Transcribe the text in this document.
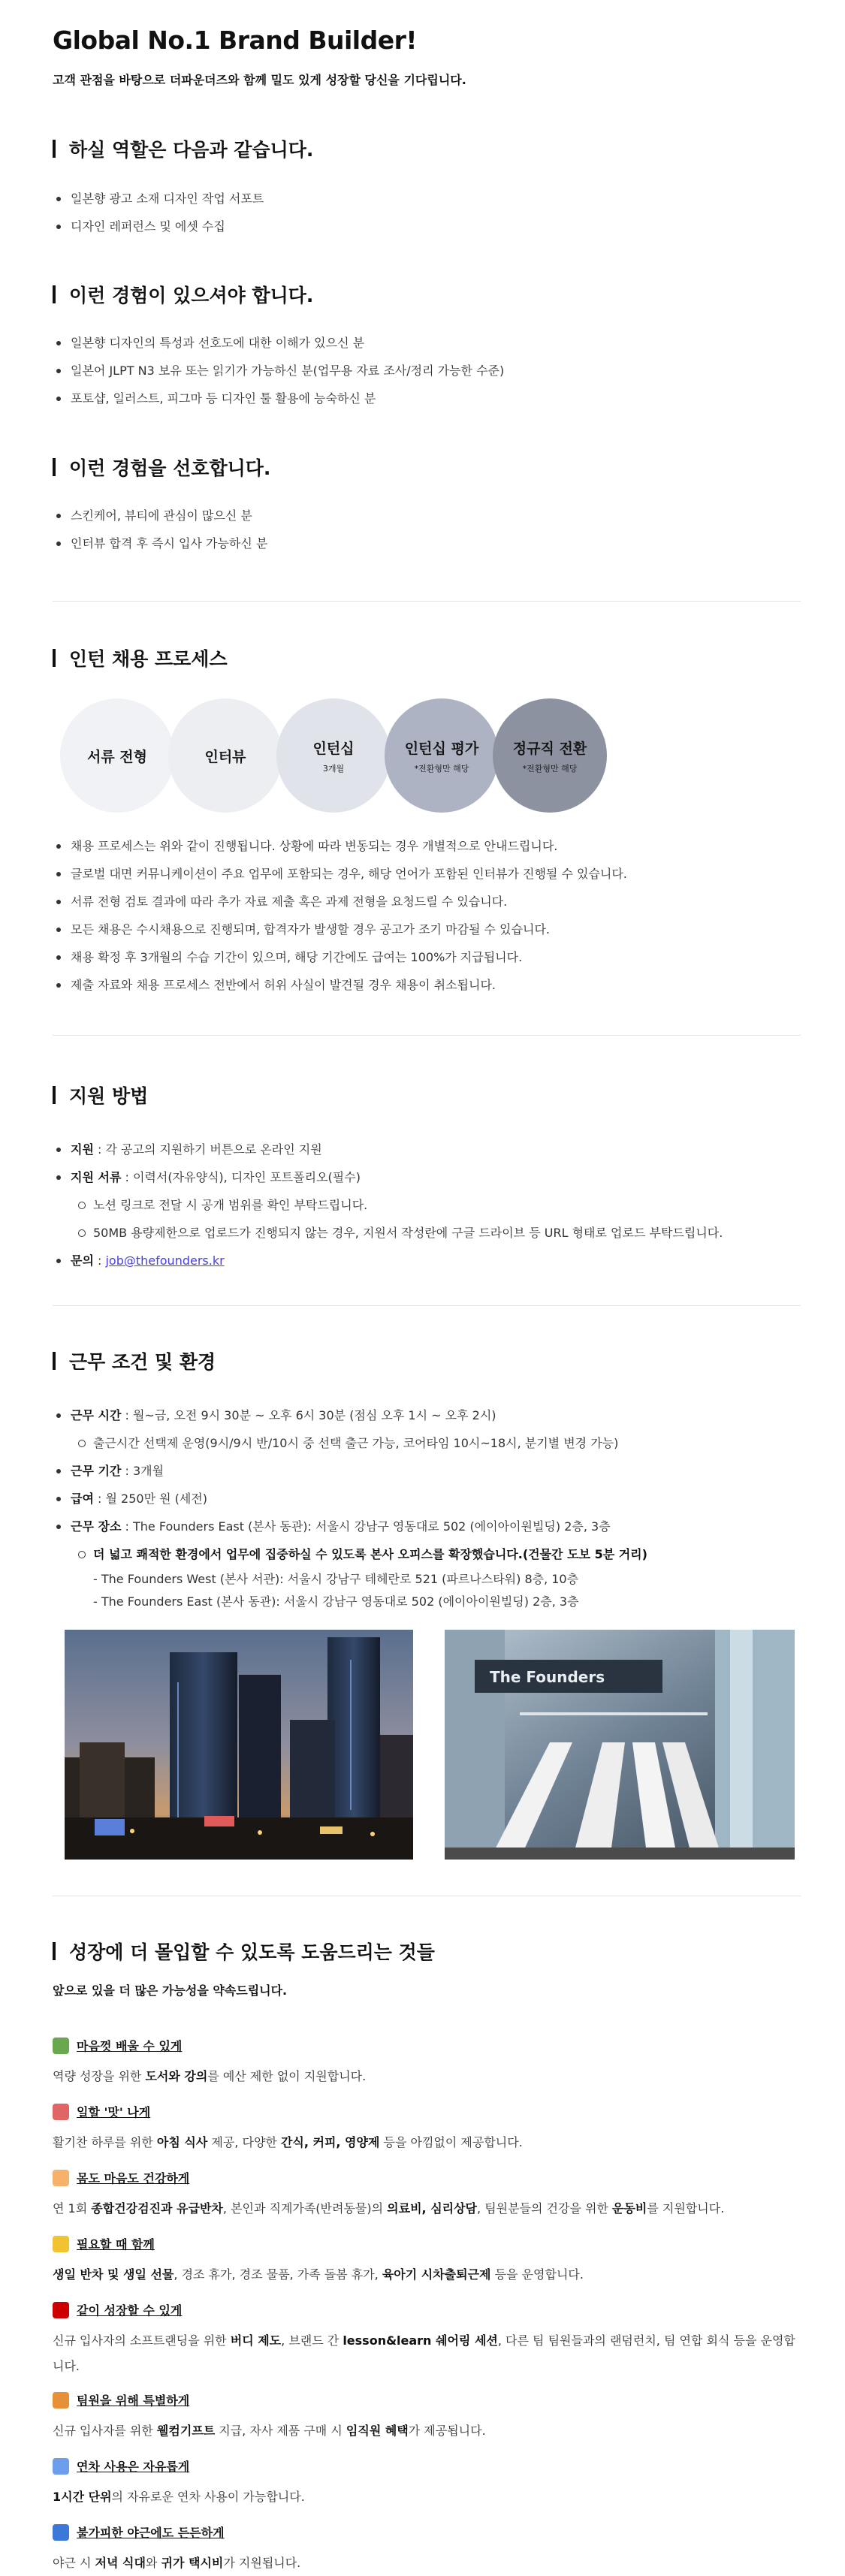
Global No.1 Brand Builder!
고객 관점을 바탕으로 더파운더즈와 함께 밀도 있게 성장할 당신을 기다립니다.
하실 역할은 다음과 같습니다.
일본향 광고 소재 디자인 작업 서포트
디자인 레퍼런스 및 에셋 수집
이런 경험이 있으셔야 합니다.
일본향 디자인의 특성과 선호도에 대한 이해가 있으신 분
일본어 JLPT N3 보유 또는 읽기가 가능하신 분(업무용 자료 조사/정리 가능한 수준)
포토샵, 일러스트, 피그마 등 디자인 툴 활용에 능숙하신 분
이런 경험을 선호합니다.
스킨케어, 뷰티에 관심이 많으신 분
인터뷰 합격 후 즉시 입사 가능하신 분
인턴 채용 프로세스
서류 전형	인터뷰	인턴십
3개월
인턴십 평가
*전환형만 해당
정규직 전환
*전환형만 해당
채용 프로세스는 위와 같이 진행됩니다. 상황에 따라 변동되는 경우 개별적으로 안내드립니다.
글로벌 대면 커뮤니케이션이 주요 업무에 포함되는 경우, 해당 언어가 포함된 인터뷰가 진행될 수 있습니다.
서류 전형 검토 결과에 따라 추가 자료 제출 혹은 과제 전형을 요청드릴 수 있습니다.
모든 채용은 수시채용으로 진행되며, 합격자가 발생할 경우 공고가 조기 마감될 수 있습니다.
채용 확정 후 3개월의 수습 기간이 있으며, 해당 기간에도 급여는 100%가 지급됩니다.
제출 자료와 채용 프로세스 전반에서 허위 사실이 발견될 경우 채용이 취소됩니다.
지원 방법
지원 : 각 공고의 지원하기 버튼으로 온라인 지원
지원 서류 : 이력서(자유양식), 디자인 포트폴리오(필수)
노션 링크로 전달 시 공개 범위를 확인 부탁드립니다.
50MB 용량제한으로 업로드가 진행되지 않는 경우, 지원서 작성란에 구글 드라이브 등 URL 형태로 업로드 부탁드립니다.
문의 : job@thefounders.kr
근무 조건 및 환경
근무 시간 : 월~금, 오전 9시 30분 ~ 오후 6시 30분 (점심 오후 1시 ~ 오후 2시)
출근시간 선택제 운영(9시/9시 반/10시 중 선택 출근 가능, 코어타임 10시~18시, 분기별 변경 가능)
근무 기간 : 3개월
급여 : 월 250만 원 (세전)
근무 장소 : The Founders East (본사 동관): 서울시 강남구 영동대로 502 (에이아이원빌딩) 2층, 3층
더 넓고 쾌적한 환경에서 업무에 집중하실 수 있도록 본사 오피스를 확장했습니다.(건물간 도보 5분 거리)
- The Founders West (본사 서관): 서울시 강남구 테헤란로 521 (파르나스타워) 8층, 10층
- The Founders East (본사 동관): 서울시 강남구 영동대로 502 (에이아이원빌딩) 2층, 3층
The Founders
성장에 더 몰입할 수 있도록 도움드리는 것들
앞으로 있을 더 많은 가능성을 약속드립니다.
마음껏 배울 수 있게
역량 성장을 위한 도서와 강의를 예산 제한 없이 지원합니다.
일할 '맛' 나게
활기찬 하루를 위한 아침 식사 제공, 다양한 간식, 커피, 영양제 등을 아낌없이 제공합니다.
몸도 마음도 건강하게
연 1회 종합건강검진과 유급반차, 본인과 직계가족(반려동물)의 의료비, 심리상담, 팀원분들의 건강을 위한 운동비를 지원합니다.
필요할 때 함께
생일 반차 및 생일 선물, 경조 휴가, 경조 물품, 가족 돌봄 휴가, 육아기 시차출퇴근제 등을 운영합니다.
같이 성장할 수 있게
신규 입사자의 소프트랜딩을 위한 버디 제도, 브랜드 간 lesson&learn 쉐어링 세션, 다른 팀 팀원들과의 랜덤런치, 팀 연합 회식 등을 운영합니다.
팀원을 위해 특별하게
신규 입사자를 위한 웰컴기프트 지급, 자사 제품 구매 시 임직원 혜택가 제공됩니다.
연차 사용은 자유롭게
1시간 단위의 자유로운 연차 사용이 가능합니다.
불가피한 야근에도 든든하게
야근 시 저녁 식대와 귀가 택시비가 지원됩니다.
